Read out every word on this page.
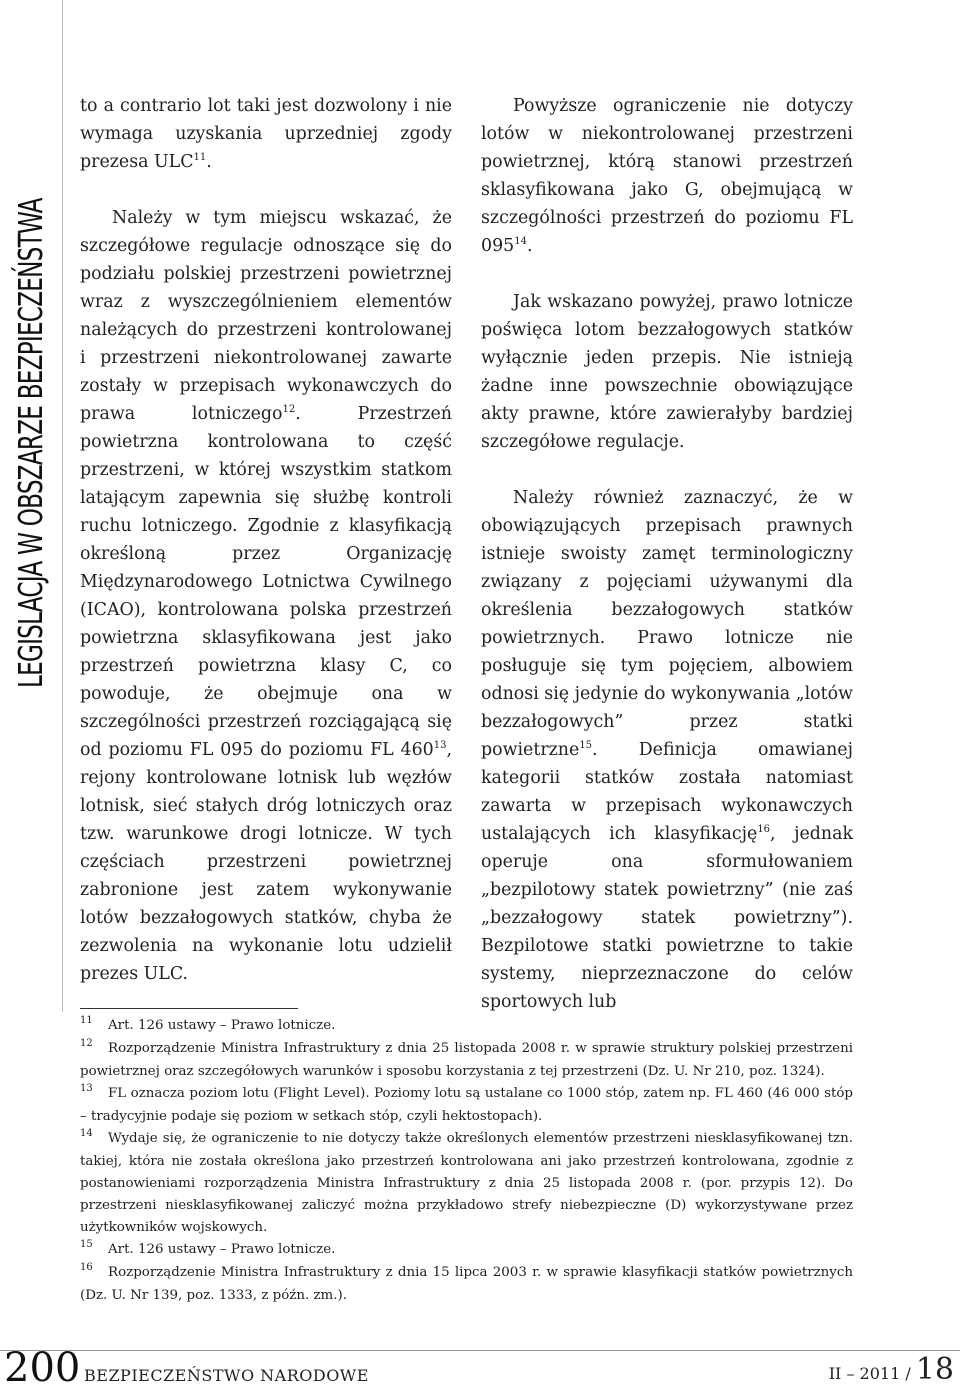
LEGISLACJA W OBSZARZE BEZPIECZEŃSTWA

to a contrario lot taki jest dozwolony i nie wymaga uzyskania uprzedniej zgody prezesa ULC$^{11}$.

Należy w tym miejscu wskazać, że szczegółowe regulacje odnoszące się do podziału polskiej przestrzeni powietrznej wraz z wyszczególnieniem elementów należących do przestrzeni kontrolowanej i przestrzeni niekontrolowanej zawarte zostały w przepisach wykonawczych do prawa lotniczego$^{12}$. Przestrzeń powietrzna kontrolowana to część przestrzeni, w której wszystkim statkom latającym zapewnia się służbę kontroli ruchu lotniczego. Zgodnie z klasyfikacją określoną przez Organizację Międzynarodowego Lotnictwa Cywilnego (ICAO), kontrolowana polska przestrzeń powietrzna sklasyfikowana jest jako przestrzeń powietrzna klasy C, co powoduje, że obejmuje ona w szczególności przestrzeń rozciągającą się od poziomu FL 095 do poziomu FL $460^{13}$, rejony kontrolowane lotnisk lub węzłów lotnisk, sieć stałych dróg lotniczych oraz tzw. warunkowe drogi lotnicze. W tych częściach przestrzeni powietrznej zabronione jest zatem wykonywanie lotów bezzałogowych statków, chyba że zezwolenia na wykonanie lotu udzielił prezes ULC.

Powyższe ograniczenie nie dotyczy lotów w niekontrolowanej przestrzeni powietrznej, którą stanowi przestrzeń sklasyfikowana jako G, obejmującą w szczególności przestrzeń do poziomu FL $095^{14}$.

Jak wskazano powyżej, prawo lotnicze poświęca lotom bezzałogowych statków wyłącznie jeden przepis. Nie istnieją żadne inne powszechnie obowiązujące akty prawne, które zawierałyby bardziej szczegółowe regulacje.

Należy również zaznaczyć, że w obowiązujących przepisach prawnych istnieje swoisty zamęt terminologiczny związany z pojęciami używanymi dla określenia bezzałogowych statków powietrznych. Prawo lotnicze nie posługuje się tym pojęciem, albowiem odnosi się jedynie do wykonywania „lotów bezzałogowych” przez statki powietrzne$^{15}$. Definicja omawianej kategorii statków została natomiast zawarta w przepisach wykonawczych ustalających ich klasyfikację$^{16}$, jednak operuje ona sformułowaniem „bezpilotowy statek powietrzny” (nie zaś „bezzałogowy statek powietrzny”). Bezpilotowe statki powietrzne to takie systemy, nieprzeznaczone do celów sportowych lub

11 Art. 126 ustawy – Prawo lotnicze.

12 Rozporządzenie Ministra Infrastruktury z dnia 25 listopada 2008 r. w sprawie struktury polskiej przestrzeni powietrznej oraz szczegółowych warunków i sposobu korzystania z tej przestrzeni (Dz. U. Nr 210, poz. 1324).

13 FL oznacza poziom lotu (Flight Level). Poziomy lotu są ustalane co 1000 stóp, zatem np. FL 460 (46 000 stóp – tradycyjnie podaje się poziom w setkach stóp, czyli hektostopach).

14 Wydaje się, że ograniczenie to nie dotyczy także określonych elementów przestrzeni niesklasyfikowanej tzn. takiej, która nie została określona jako przestrzeń kontrolowana ani jako przestrzeń kontrolowana, zgodnie z postanowieniami rozporządzenia Ministra Infrastruktury z dnia 25 listopada 2008 r. (por. przypis 12). Do przestrzeni niesklasyfikowanej zaliczyć można przykładowo strefy niebezpieczne (D) wykorzystywane przez użytkowników wojskowych.

15 Art. 126 ustawy – Prawo lotnicze.

16 Rozporządzenie Ministra Infrastruktury z dnia 15 lipca 2003 r. w sprawie klasyfikacji statków powietrznych (Dz. U. Nr 139, poz. 1333, z późn. zm.).

200 BEZPIECZEŃSTWO NARODOWE	II – 2011 / 18
